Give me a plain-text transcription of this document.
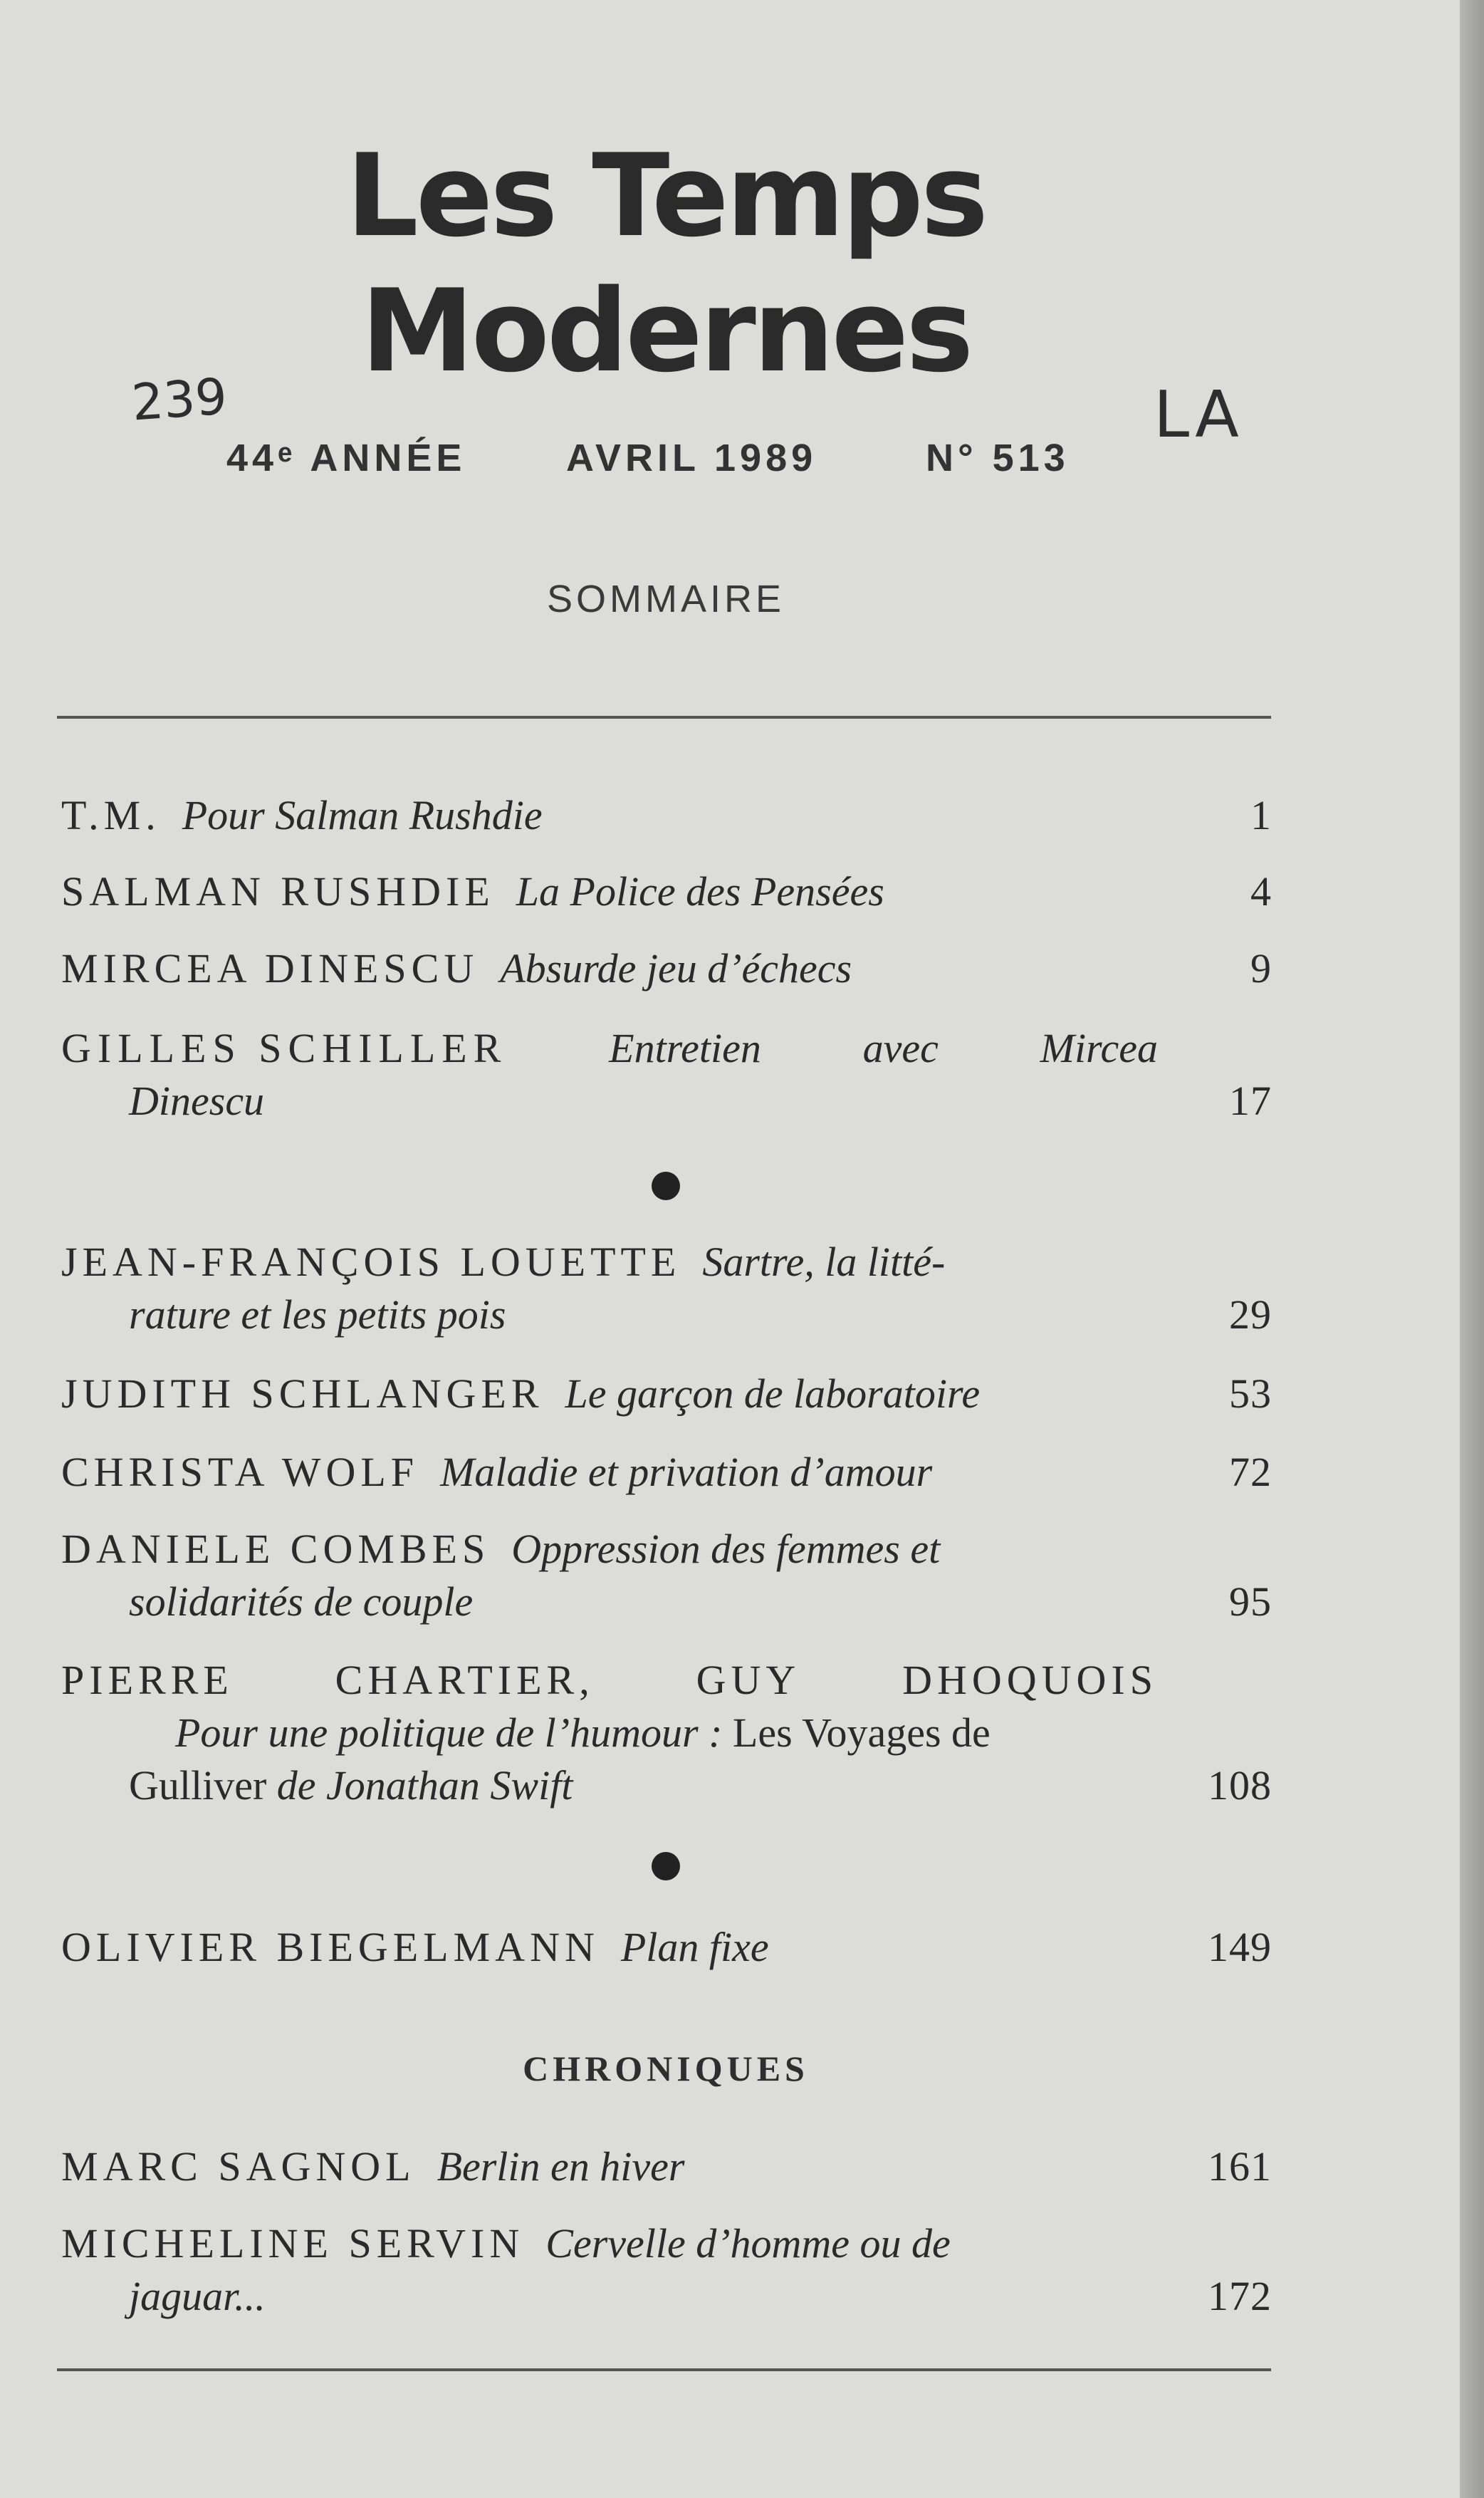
Les Temps
Modernes
239	LA
44ᵉ ANNÉE	AVRIL 1989	N° 513
SOMMAIRE
T.M. Pour Salman Rushdie	1
SALMAN RUSHDIE La Police des Pensées	4
MIRCEA DINESCU Absurde jeu d’échecs	9
GILLES SCHILLER Entretien avec Mircea
Dinescu	17
JEAN-FRANÇOIS LOUETTE Sartre, la litté-
rature et les petits pois	29
JUDITH SCHLANGER Le garçon de laboratoire	53
CHRISTA WOLF Maladie et privation d’amour	72
DANIELE COMBES Oppression des femmes et
solidarités de couple	95
PIERRE CHARTIER, GUY DHOQUOIS
Pour une politique de l’humour : Les Voyages de
Gulliver de Jonathan Swift	108
OLIVIER BIEGELMANN Plan fixe	149
CHRONIQUES
MARC SAGNOL Berlin en hiver	161
MICHELINE SERVIN Cervelle d’homme ou de
jaguar...	172
